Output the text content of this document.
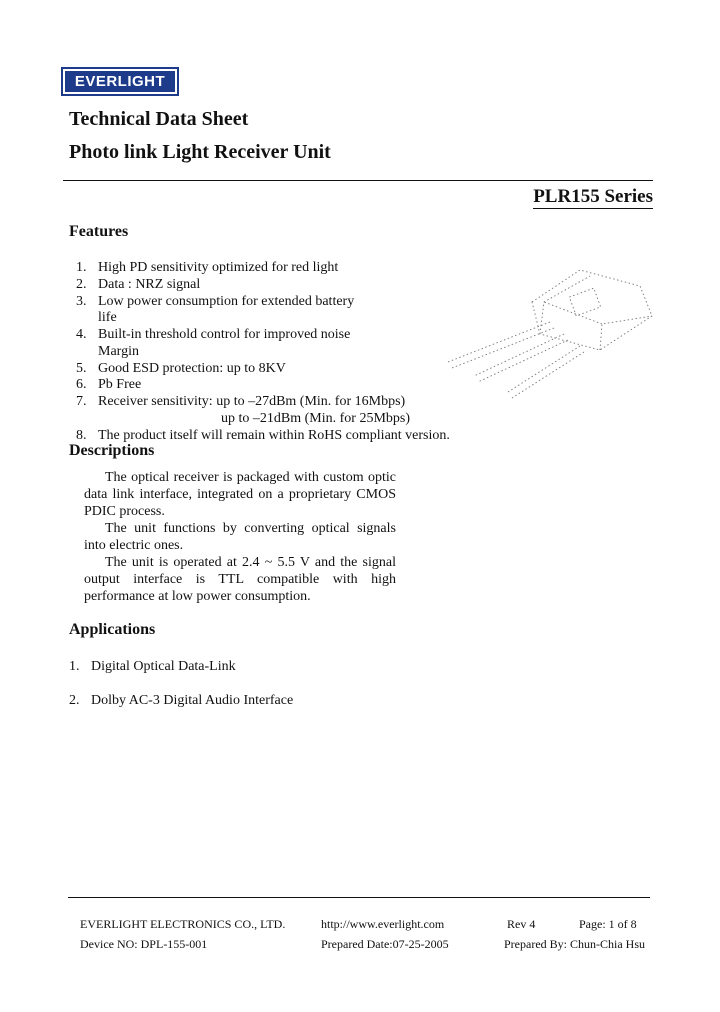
EVERLIGHT
Technical Data Sheet
Photo link Light Receiver Unit
PLR155 Series
Features
1. High PD sensitivity optimized for red light
2. Data : NRZ signal
3. Low power consumption for extended battery
life
4. Built-in threshold control for improved noise
Margin
5. Good ESD protection: up to 8KV
6. Pb Free
7. Receiver sensitivity: up to –27dBm (Min. for 16Mbps)
up to –21dBm (Min. for 25Mbps)
8. The product itself will remain within RoHS compliant version.
Descriptions

The optical receiver is packaged with custom optic data link interface, integrated on a proprietary CMOS PDIC process.

The unit functions by converting optical signals into electric ones.

The unit is operated at 2.4 ~ 5.5 V and the signal output interface is TTL compatible with high performance at low power consumption.

Applications
1. Digital Optical Data-Link
2. Dolby AC-3 Digital Audio Interface
EVERLIGHT ELECTRONICS CO., LTD.	http://www.everlight.com	Rev 4	Page: 1 of 8
Device NO: DPL-155-001	Prepared Date:07-25-2005	Prepared By: Chun-Chia Hsu
